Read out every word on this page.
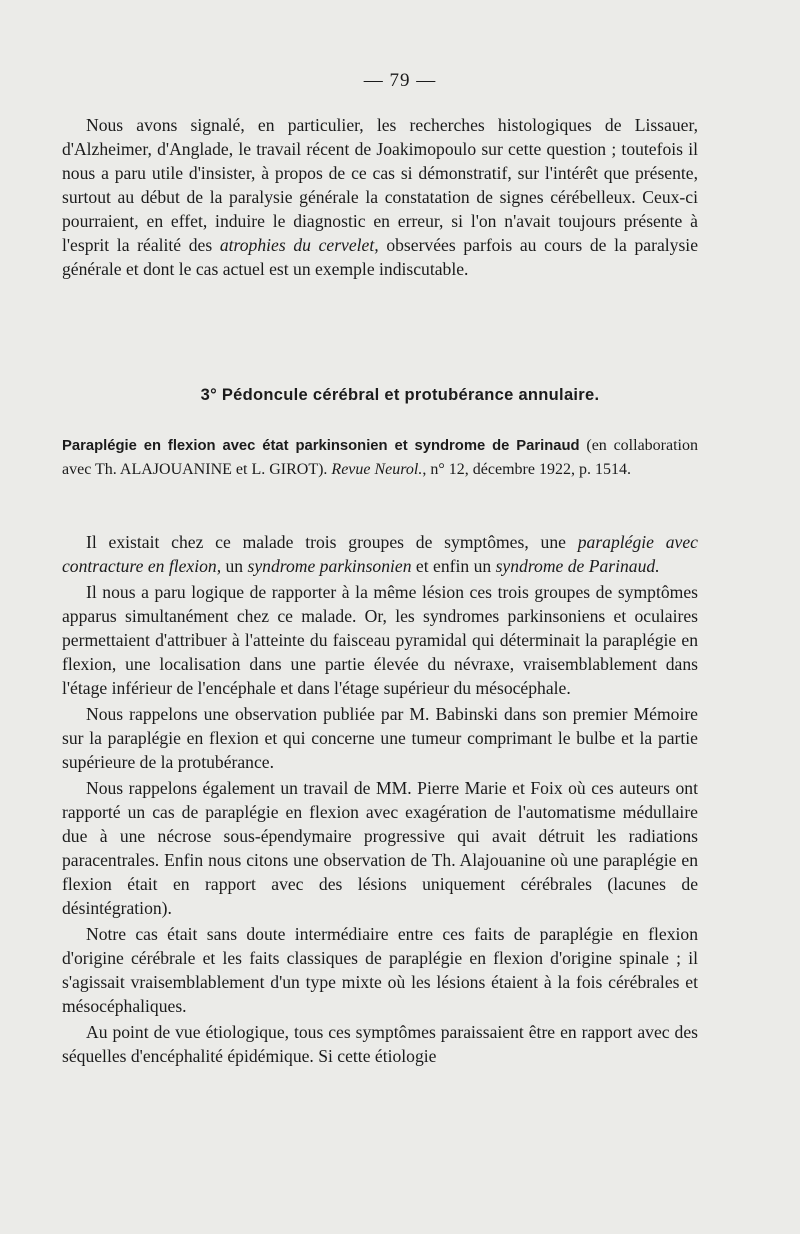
— 79 —

Nous avons signalé, en particulier, les recherches histologiques de Lissauer, d'Alzheimer, d'Anglade, le travail récent de Joakimopoulo sur cette question ; toutefois il nous a paru utile d'insister, à propos de ce cas si démonstratif, sur l'intérêt que présente, surtout au début de la paralysie générale la constatation de signes cérébelleux. Ceux-ci pourraient, en effet, induire le diagnostic en erreur, si l'on n'avait toujours présente à l'esprit la réalité des atrophies du cervelet, observées parfois au cours de la paralysie générale et dont le cas actuel est un exemple indiscutable.

3° Pédoncule cérébral et protubérance annulaire.
Paraplégie en flexion avec état parkinsonien et syndrome de Parinaud (en collaboration avec Th. ALAJOUANINE et L. GIROT). Revue Neurol., n° 12, décembre 1922, p. 1514.

Il existait chez ce malade trois groupes de symptômes, une paraplégie avec contracture en flexion, un syndrome parkinsonien et enfin un syndrome de Parinaud.

Il nous a paru logique de rapporter à la même lésion ces trois groupes de symptômes apparus simultanément chez ce malade. Or, les syndromes parkinsoniens et oculaires permettaient d'attribuer à l'atteinte du faisceau pyramidal qui déterminait la paraplégie en flexion, une localisation dans une partie élevée du névraxe, vraisemblablement dans l'étage inférieur de l'encéphale et dans l'étage supérieur du mésocéphale.

Nous rappelons une observation publiée par M. Babinski dans son premier Mémoire sur la paraplégie en flexion et qui concerne une tumeur comprimant le bulbe et la partie supérieure de la protubérance.

Nous rappelons également un travail de MM. Pierre Marie et Foix où ces auteurs ont rapporté un cas de paraplégie en flexion avec exagération de l'automatisme médullaire due à une nécrose sous-épendymaire progressive qui avait détruit les radiations paracentrales. Enfin nous citons une observation de Th. Alajouanine où une paraplégie en flexion était en rapport avec des lésions uniquement cérébrales (lacunes de désintégration).

Notre cas était sans doute intermédiaire entre ces faits de paraplégie en flexion d'origine cérébrale et les faits classiques de paraplégie en flexion d'origine spinale ; il s'agissait vraisemblablement d'un type mixte où les lésions étaient à la fois cérébrales et mésocéphaliques.

Au point de vue étiologique, tous ces symptômes paraissaient être en rapport avec des séquelles d'encéphalité épidémique. Si cette étiologie
